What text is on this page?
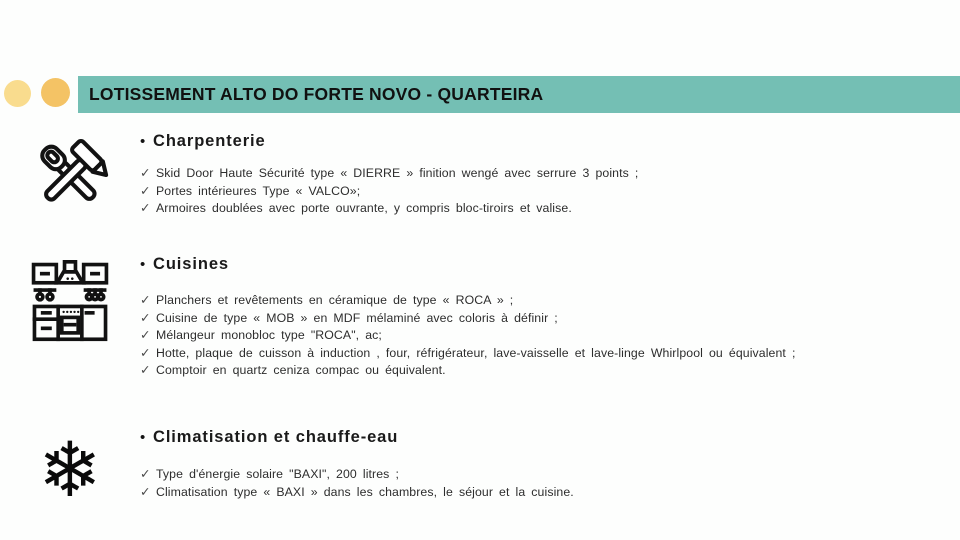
LOTISSEMENT ALTO DO FORTE NOVO - QUARTEIRA
• Charpenterie
✓ Skid Door Haute Sécurité type « DIERRE » finition wengé avec serrure 3 points ;
✓ Portes intérieures Type « VALCO»;
✓ Armoires doublées avec porte ouvrante, y compris bloc-tiroirs et valise.
• Cuisines
✓ Planchers et revêtements en céramique de type « ROCA » ;
✓ Cuisine de type « MOB » en MDF mélaminé avec coloris à définir ;
✓ Mélangeur monobloc type "ROCA", ac;
✓ Hotte, plaque de cuisson à induction , four, réfrigérateur, lave-vaisselle et lave-linge Whirlpool ou équivalent ;
✓ Comptoir en quartz ceniza compac ou équivalent.
❄	• Climatisation et chauffe-eau
✓ Type d'énergie solaire "BAXI", 200 litres ;
✓ Climatisation type « BAXI » dans les chambres, le séjour et la cuisine.
